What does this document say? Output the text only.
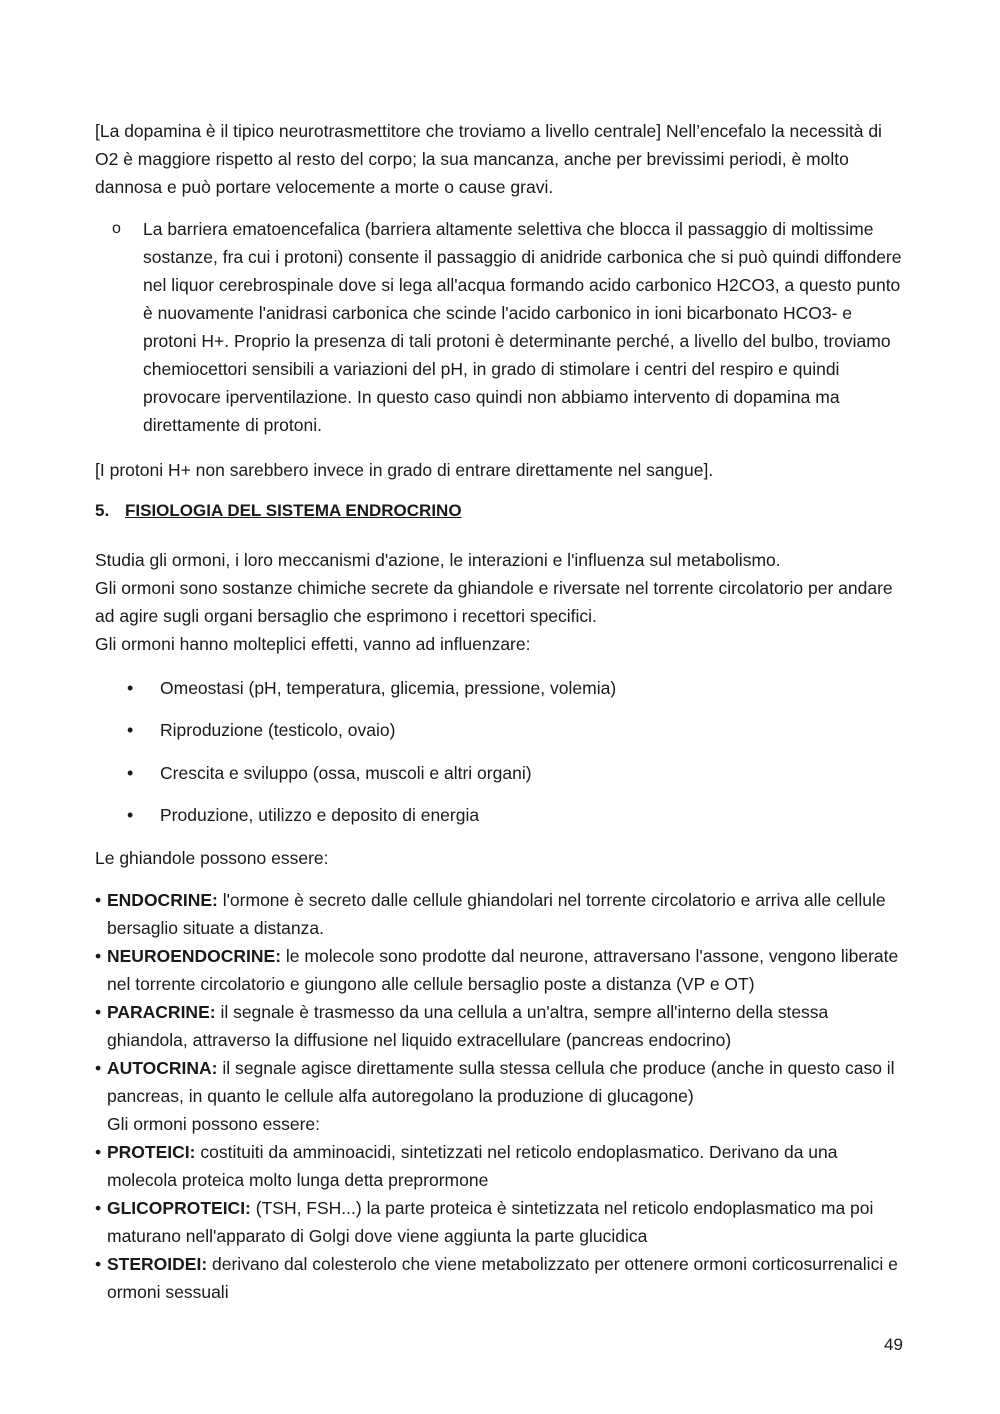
[La dopamina è il tipico neurotrasmettitore che troviamo a livello centrale] Nell’encefalo la necessità di O2 è maggiore rispetto al resto del corpo; la sua mancanza, anche per brevissimi periodi, è molto dannosa e può portare velocemente a morte o cause gravi.

o La barriera ematoencefalica (barriera altamente selettiva che blocca il passaggio di moltissime sostanze, fra cui i protoni) consente il passaggio di anidride carbonica che si può quindi diffondere nel liquor cerebrospinale dove si lega all'acqua formando acido carbonico H2CO3, a questo punto è nuovamente l'anidrasi carbonica che scinde l'acido carbonico in ioni bicarbonato HCO3- e protoni H+. Proprio la presenza di tali protoni è determinante perché, a livello del bulbo, troviamo chemiocettori sensibili a variazioni del pH, in grado di stimolare i centri del respiro e quindi provocare iperventilazione. In questo caso quindi non abbiamo intervento di dopamina ma direttamente di protoni.

[I protoni H+ non sarebbero invece in grado di entrare direttamente nel sangue].

5. FISIOLOGIA DEL SISTEMA ENDROCRINO
Studia gli ormoni, i loro meccanismi d'azione, le interazioni e l'influenza sul metabolismo.
Gli ormoni sono sostanze chimiche secrete da ghiandole e riversate nel torrente circolatorio per andare ad agire sugli organi bersaglio che esprimono i recettori specifici.
Gli ormoni hanno molteplici effetti, vanno ad influenzare:
• Omeostasi (pH, temperatura, glicemia, pressione, volemia)
• Riproduzione (testicolo, ovaio)
• Crescita e sviluppo (ossa, muscoli e altri organi)
• Produzione, utilizzo e deposito di energia

Le ghiandole possono essere:

• ENDOCRINE: l'ormone è secreto dalle cellule ghiandolari nel torrente circolatorio e arriva alle cellule bersaglio situate a distanza.
• NEUROENDOCRINE: le molecole sono prodotte dal neurone, attraversano l'assone, vengono liberate nel torrente circolatorio e giungono alle cellule bersaglio poste a distanza (VP e OT)
• PARACRINE: il segnale è trasmesso da una cellula a un'altra, sempre all'interno della stessa ghiandola, attraverso la diffusione nel liquido extracellulare (pancreas endocrino)
• AUTOCRINA: il segnale agisce direttamente sulla stessa cellula che produce (anche in questo caso il pancreas, in quanto le cellule alfa autoregolano la produzione di glucagone)
Gli ormoni possono essere:
• PROTEICI: costituiti da amminoacidi, sintetizzati nel reticolo endoplasmatico. Derivano da una molecola proteica molto lunga detta preprormone
• GLICOPROTEICI: (TSH, FSH...) la parte proteica è sintetizzata nel reticolo endoplasmatico ma poi maturano nell'apparato di Golgi dove viene aggiunta la parte glucidica
• STEROIDEI: derivano dal colesterolo che viene metabolizzato per ottenere ormoni corticosurrenalici e ormoni sessuali
49
